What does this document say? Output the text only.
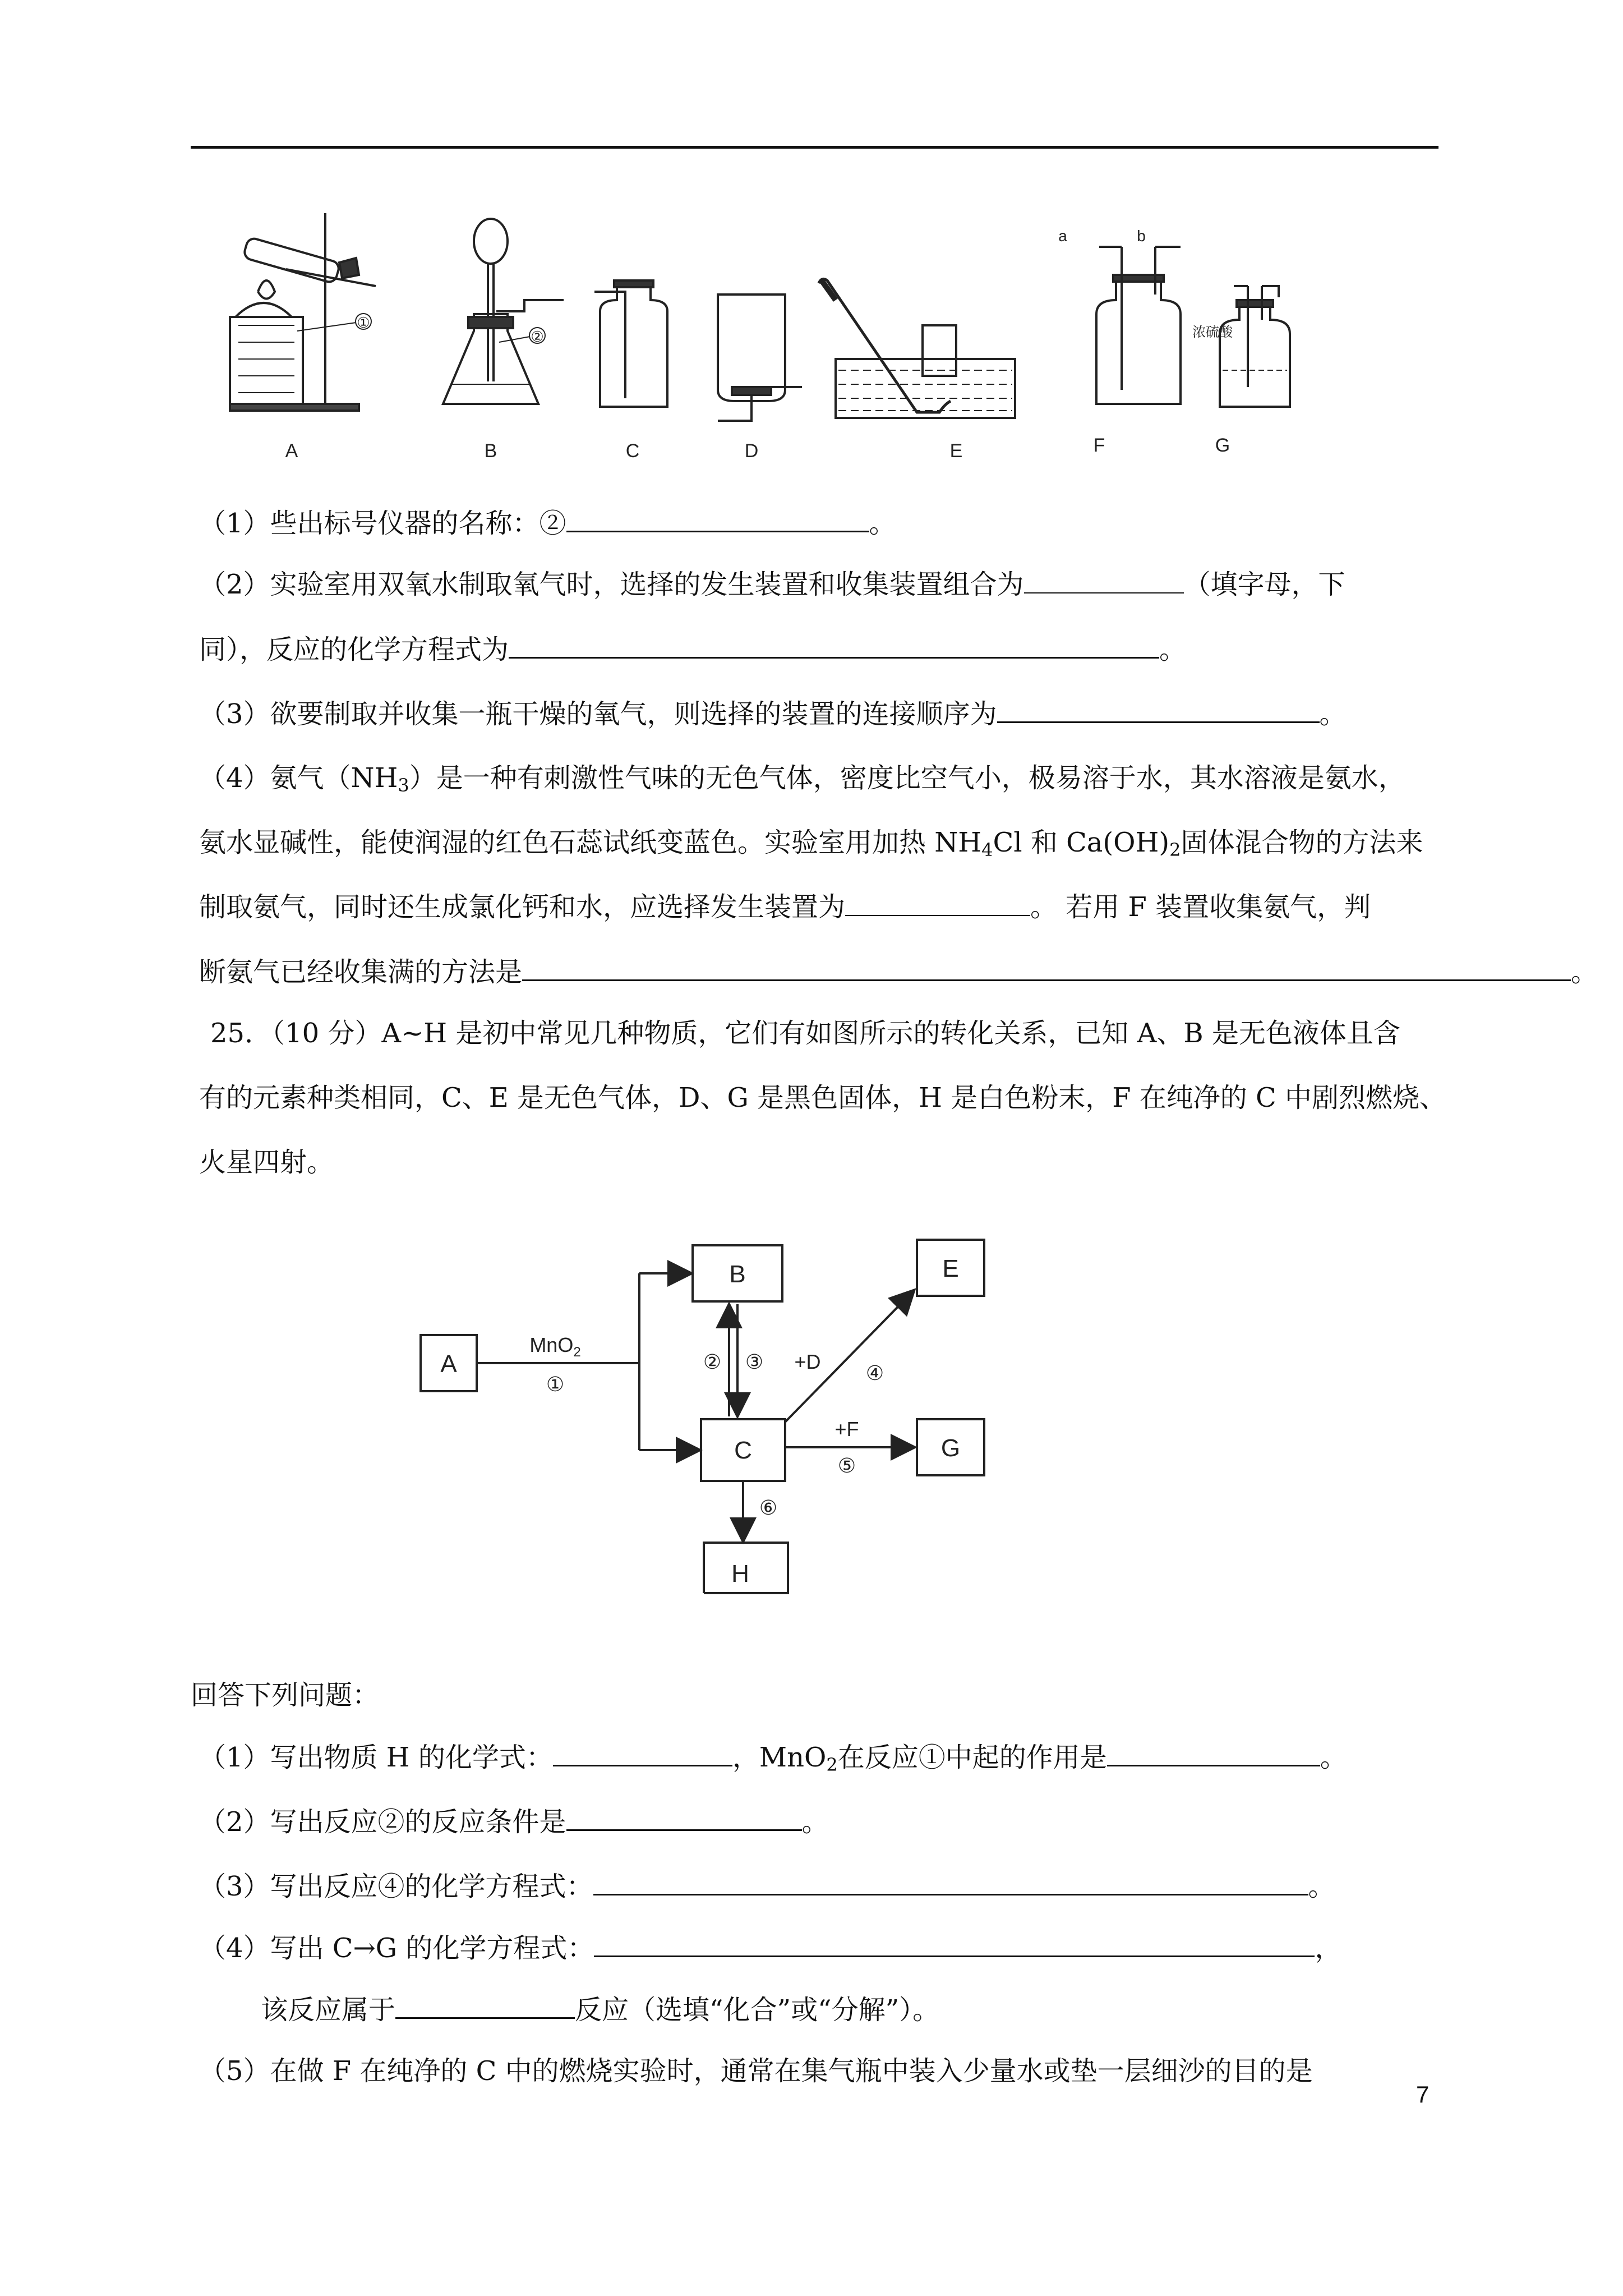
A	B	C	D	E	F	G
①
②
a	b
浓硫酸
（1）些出标号仪器的名称：②	。
（2）实验室用双氧水制取氧气时，选择的发生装置和收集装置组合为	（填字母，下
同），反应的化学方程式为	。
（3）欲要制取并收集一瓶干燥的氧气，则选择的装置的连接顺序为	。
（4）氨气$(NH_3)$是一种有刺激性气味的无色气体，密度比空气小，极易溶于水，其水溶液是氨水，
氨水显碱性，能使润湿的红色石蕊试纸变蓝色。实验室用加热 $NH_4Cl$ 和 $Ca(OH)_2$固体混合物的方法来
制取氨气，同时还生成氯化钙和水，应选择发生装置为	。 若用 F 装置收集氨气，判
断氨气已经收集满的方法是	。
25．（10 分）A~H 是初中常见几种物质，它们有如图所示的转化关系，已知 A、B 是无色液体且含
有的元素种类相同，C、E 是无色气体，D、G 是黑色固体，H 是白色粉末，F 在纯净的 C 中剧烈燃烧、
火星四射。
A
B
C
E
G
H
MnO$_2$
①
② ③ +D ④
+F
⑤
⑥
回答下列问题：
（1）写出物质 H 的化学式：	，MnO$_2$在反应①中起的作用是	。
（2）写出反应②的反应条件是	。
（3）写出反应④的化学方程式：	。
（4）写出 C→G 的化学方程式：	，
该反应属于	反应（选填“化合”或“分解”）。
（5）在做 F 在纯净的 C 中的燃烧实验时，通常在集气瓶中装入少量水或垫一层细沙的目的是
7
